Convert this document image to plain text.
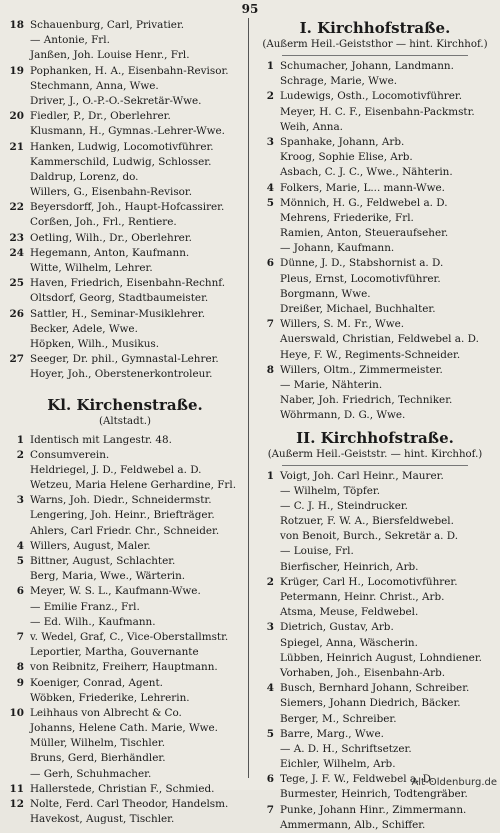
95
18 Schauenburg, Carl, Privatier.
— Antonie, Frl.
Janßen, Joh. Louise Henr., Frl.
19 Pophanken, H. A., Eisenbahn-Revisor.
Stechmann, Anna, Wwe.
Driver, J., O.-P.-O.-Sekretär-Wwe.
20 Fiedler, P., Dr., Oberlehrer.
Klusmann, H., Gymnas.-Lehrer-Wwe.
21 Hanken, Ludwig, Locomotivführer.
Kammerschild, Ludwig, Schlosser.
Daldrup, Lorenz, do.
Willers, G., Eisenbahn-Revisor.
22 Beyersdorff, Joh., Haupt-Hofcassirer.
Corßen, Joh., Frl., Rentiere.
23 Oetling, Wilh., Dr., Oberlehrer.
24 Hegemann, Anton, Kaufmann.
Witte, Wilhelm, Lehrer.
25 Haven, Friedrich, Eisenbahn-Rechnf.
Oltsdorf, Georg, Stadtbaumeister.
26 Sattler, H., Seminar-Musiklehrer.
Becker, Adele, Wwe.
Höpken, Wilh., Musikus.
27 Seeger, Dr. phil., Gymnastal-Lehrer.
Hoyer, Joh., Oberstenerkontroleur.
Kl. Kirchenstraße.
(Altstadt.)
1 Identisch mit Langestr. 48.
2 Consumverein.
Heldriegel, J. D., Feldwebel a. D.
Wetzeu, Maria Helene Gerhardine, Frl.
3 Warns, Joh. Diedr., Schneidermstr.
Lengering, Joh. Heinr., Briefträger.
Ahlers, Carl Friedr. Chr., Schneider.
4 Willers, August, Maler.
5 Bittner, August, Schlachter.
Berg, Maria, Wwe., Wärterin.
6 Meyer, W. S. L., Kaufmann-Wwe.
— Emilie Franz., Frl.
— Ed. Wilh., Kaufmann.
7 v. Wedel, Graf, C., Vice-Oberstallmstr.
Leportier, Martha, Gouvernante
8 von Reibnitz, Freiherr, Hauptmann.
9 Koeniger, Conrad, Agent.
Wöbken, Friederike, Lehrerin.
10 Leihhaus von Albrecht & Co.
Johanns, Helene Cath. Marie, Wwe.
Müller, Wilhelm, Tischler.
Bruns, Gerd, Bierhändler.
— Gerh, Schuhmacher.
11 Hallerstede, Christian F., Schmied.
12 Nolte, Ferd. Carl Theodor, Handelsm.
Havekost, August, Tischler.
I. Kirchhofstraße.
(Außerm Heil.-Geiststhor — hint. Kirchhof.)
1 Schumacher, Johann, Landmann.
Schrage, Marie, Wwe.
2 Ludewigs, Osth., Locomotivführer.
Meyer, H. C. F., Eisenbahn-Packmstr.
Weih, Anna.
3 Spanhake, Johann, Arb.
Kroog, Sophie Elise, Arb.
Asbach, C. J. C., Wwe., Nähterin.
4 Folkers, Marie, L... mann-Wwe.
5 Mönnich, H. G., Feldwebel a. D.
Mehrens, Friederike, Frl.
Ramien, Anton, Steueraufseher.
— Johann, Kaufmann.
6 Dünne, J. D., Stabshornist a. D.
Pleus, Ernst, Locomotivführer.
Borgmann, Wwe.
Dreißer, Michael, Buchhalter.
7 Willers, S. M. Fr., Wwe.
Auerswald, Christian, Feldwebel a. D.
Heye, F. W., Regiments-Schneider.
8 Willers, Oltm., Zimmermeister.
— Marie, Nähterin.
Naber, Joh. Friedrich, Techniker.
Wöhrmann, D. G., Wwe.
II. Kirchhofstraße.
(Außerm Heil.-Geiststr. — hint. Kirchhof.)
1 Voigt, Joh. Carl Heinr., Maurer.
— Wilhelm, Töpfer.
— C. J. H., Steindrucker.
Rotzuer, F. W. A., Biersfeldwebel.
von Benoit, Burch., Sekretär a. D.
— Louise, Frl.
Bierfischer, Heinrich, Arb.
2 Krüger, Carl H., Locomotivführer.
Petermann, Heinr. Christ., Arb.
Atsma, Meuse, Feldwebel.
3 Dietrich, Gustav, Arb.
Spiegel, Anna, Wäscherin.
Lübben, Heinrich August, Lohndiener.
Vorhaben, Joh., Eisenbahn-Arb.
4 Busch, Bernhard Johann, Schreiber.
Siemers, Johann Diedrich, Bäcker.
Berger, M., Schreiber.
5 Barre, Marg., Wwe.
— A. D. H., Schriftsetzer.
Eichler, Wilhelm, Arb.
6 Tege, J. F. W., Feldwebel a. D.
Burmester, Heinrich, Todtengräber.
7 Punke, Johann Hinr., Zimmermann.
Ammermann, Alb., Schiffer.
Alt-Oldenburg.de
